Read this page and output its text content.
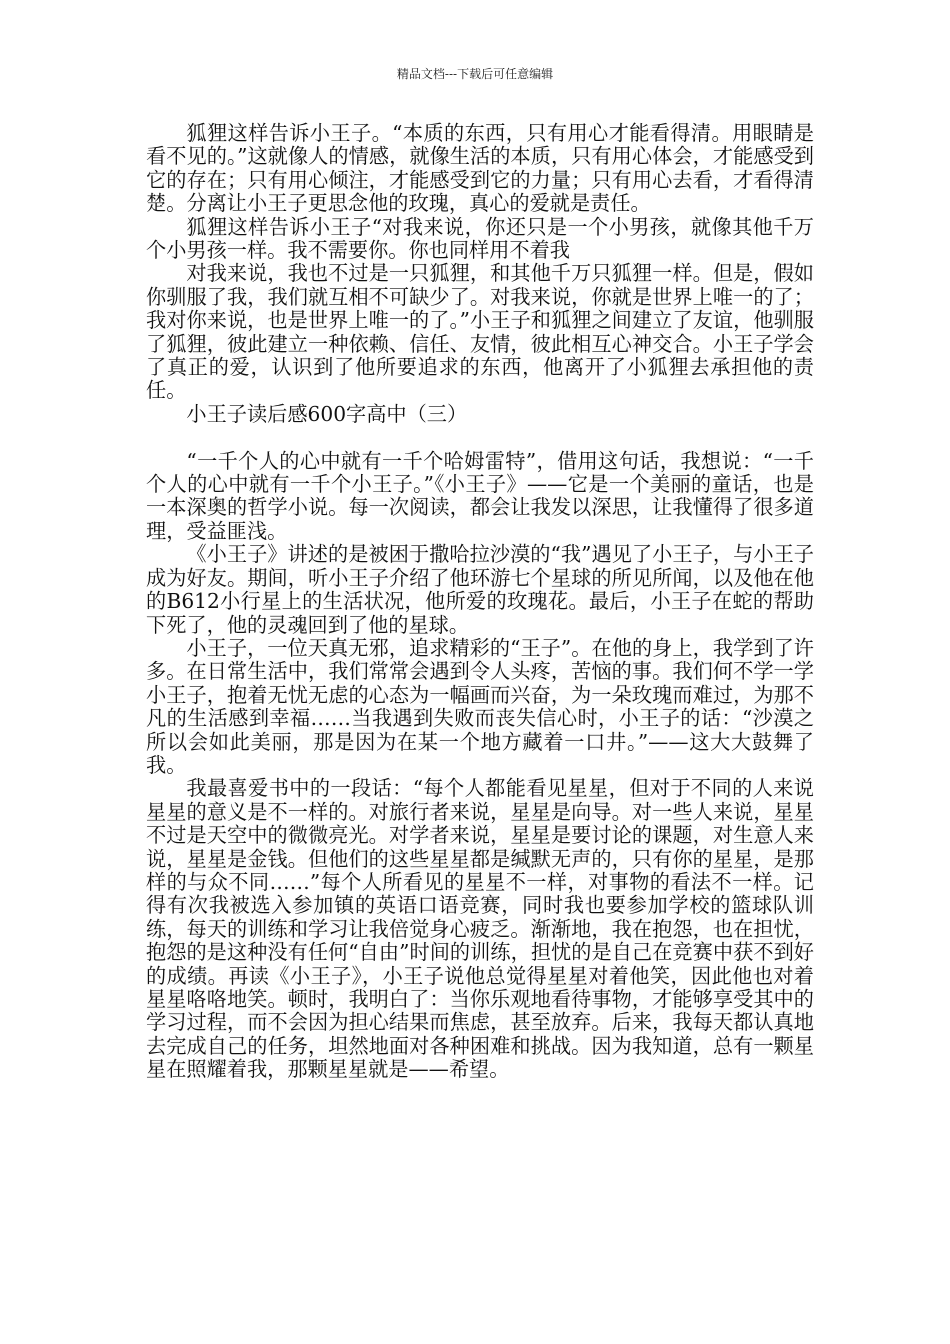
精品文档---下载后可任意编辑

狐狸这样告诉小王子。“本质的东西，只有用心才能看得清。用眼睛是看不见的。”这就像人的情感，就像生活的本质，只有用心体会，才能感受到它的存在；只有用心倾注，才能感受到它的力量；只有用心去看，才看得清楚。分离让小王子更思念他的玫瑰，真心的爱就是责任。

狐狸这样告诉小王子“对我来说，你还只是一个小男孩，就像其他千万个小男孩一样。我不需要你。你也同样用不着我

对我来说，我也不过是一只狐狸，和其他千万只狐狸一样。但是，假如你驯服了我，我们就互相不可缺少了。对我来说，你就是世界上唯一的了；我对你来说，也是世界上唯一的了。”小王子和狐狸之间建立了友谊，他驯服了狐狸，彼此建立一种依赖、信任、友情，彼此相互心神交合。小王子学会了真正的爱，认识到了他所要追求的东西，他离开了小狐狸去承担他的责任。

小王子读后感600字高中（三）

“一千个人的心中就有一千个哈姆雷特”，借用这句话，我想说：“一千个人的心中就有一千个小王子。”《小王子》——它是一个美丽的童话，也是一本深奥的哲学小说。每一次阅读，都会让我发以深思，让我懂得了很多道理，受益匪浅。

《小王子》讲述的是被困于撒哈拉沙漠的“我”遇见了小王子，与小王子成为好友。期间，听小王子介绍了他环游七个星球的所见所闻，以及他在他的B612小行星上的生活状况，他所爱的玫瑰花。最后，小王子在蛇的帮助下死了，他的灵魂回到了他的星球。

小王子，一位天真无邪，追求精彩的“王子”。在他的身上，我学到了许多。在日常生活中，我们常常会遇到令人头疼，苦恼的事。我们何不学一学小王子，抱着无忧无虑的心态为一幅画而兴奋，为一朵玫瑰而难过，为那不凡的生活感到幸福……当我遇到失败而丧失信心时，小王子的话：“沙漠之所以会如此美丽，那是因为在某一个地方藏着一口井。”——这大大鼓舞了我。

我最喜爱书中的一段话：“每个人都能看见星星，但对于不同的人来说星星的意义是不一样的。对旅行者来说，星星是向导。对一些人来说，星星不过是天空中的微微亮光。对学者来说，星星是要讨论的课题，对生意人来说，星星是金钱。但他们的这些星星都是缄默无声的，只有你的星星，是那样的与众不同……”每个人所看见的星星不一样，对事物的看法不一样。记得有次我被选入参加镇的英语口语竞赛，同时我也要参加学校的篮球队训练，每天的训练和学习让我倍觉身心疲乏。渐渐地，我在抱怨，也在担忧，抱怨的是这种没有任何“自由”时间的训练，担忧的是自己在竞赛中获不到好的成绩。再读《小王子》，小王子说他总觉得星星对着他笑，因此他也对着星星咯咯地笑。顿时，我明白了：当你乐观地看待事物，才能够享受其中的学习过程，而不会因为担心结果而焦虑，甚至放弃。后来，我每天都认真地去完成自己的任务，坦然地面对各种困难和挑战。因为我知道，总有一颗星星在照耀着我，那颗星星就是——希望。
